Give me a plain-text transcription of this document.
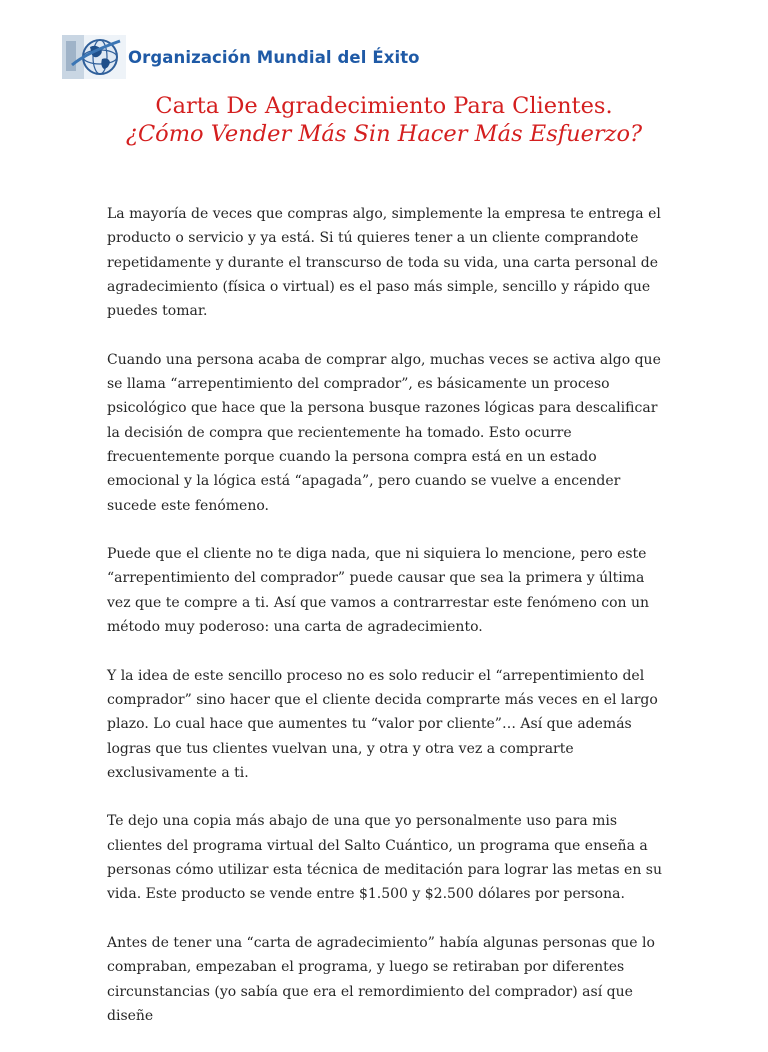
Organización Mundial del Éxito
Carta De Agradecimiento Para Clientes.
¿Cómo Vender Más Sin Hacer Más Esfuerzo?

La mayoría de veces que compras algo, simplemente la empresa te entrega el producto o servicio y ya está. Si tú quieres tener a un cliente comprandote repetidamente y durante el transcurso de toda su vida, una carta personal de agradecimiento (física o virtual) es el paso más simple, sencillo y rápido que puedes tomar.

Cuando una persona acaba de comprar algo, muchas veces se activa algo que se llama “arrepentimiento del comprador”, es básicamente un proceso psicológico que hace que la persona busque razones lógicas para descalificar la decisión de compra que recientemente ha tomado. Esto ocurre frecuentemente porque cuando la persona compra está en un estado emocional y la lógica está “apagada”, pero cuando se vuelve a encender sucede este fenómeno.

Puede que el cliente no te diga nada, que ni siquiera lo mencione, pero este “arrepentimiento del comprador” puede causar que sea la primera y última vez que te compre a ti. Así que vamos a contrarrestar este fenómeno con un método muy poderoso: una carta de agradecimiento.

Y la idea de este sencillo proceso no es solo reducir el “arrepentimiento del comprador” sino hacer que el cliente decida comprarte más veces en el largo plazo. Lo cual hace que aumentes tu “valor por cliente”… Así que además logras que tus clientes vuelvan una, y otra y otra vez a comprarte exclusivamente a ti.

Te dejo una copia más abajo de una que yo personalmente uso para mis clientes del programa virtual del Salto Cuántico, un programa que enseña a personas cómo utilizar esta técnica de meditación para lograr las metas en su vida. Este producto se vende entre $1.500 y $2.500 dólares por persona.

Antes de tener una “carta de agradecimiento” había algunas personas que lo compraban, empezaban el programa, y luego se retiraban por diferentes circunstancias (yo sabía que era el remordimiento del comprador) así que diseñe
